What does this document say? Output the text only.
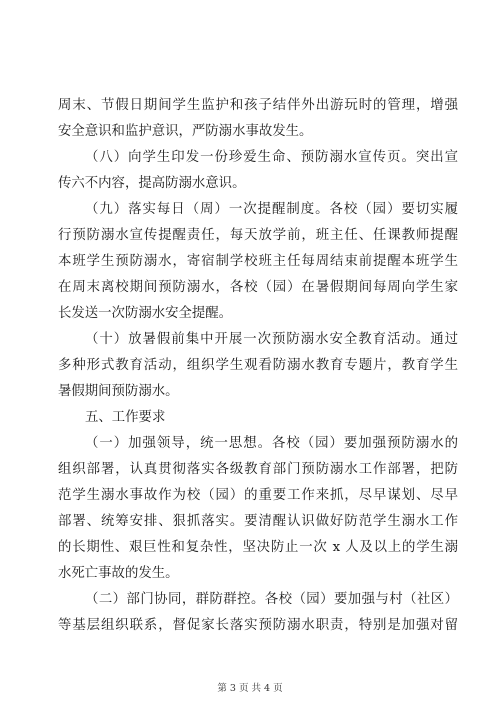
周末、节假日期间学生监护和孩子结伴外出游玩时的管理，增强
安全意识和监护意识，严防溺水事故发生。
（八）向学生印发一份珍爱生命、预防溺水宣传页。突出宣
传六不内容，提高防溺水意识。
（九）落实每日（周）一次提醒制度。各校（园）要切实履
行预防溺水宣传提醒责任，每天放学前，班主任、任课教师提醒
本班学生预防溺水，寄宿制学校班主任每周结束前提醒本班学生
在周末离校期间预防溺水，各校（园）在暑假期间每周向学生家
长发送一次防溺水安全提醒。
（十）放暑假前集中开展一次预防溺水安全教育活动。通过
多种形式教育活动，组织学生观看防溺水教育专题片，教育学生
暑假期间预防溺水。
五、工作要求
（一）加强领导，统一思想。各校（园）要加强预防溺水的
组织部署，认真贯彻落实各级教育部门预防溺水工作部署，把防
范学生溺水事故作为校（园）的重要工作来抓，尽早谋划、尽早
部署、统筹安排、狠抓落实。要清醒认识做好防范学生溺水工作
的长期性、艰巨性和复杂性，坚决防止一次 x 人及以上的学生溺
水死亡事故的发生。
（二）部门协同，群防群控。各校（园）要加强与村（社区）
等基层组织联系，督促家长落实预防溺水职责，特别是加强对留
第 3 页 共 4 页
